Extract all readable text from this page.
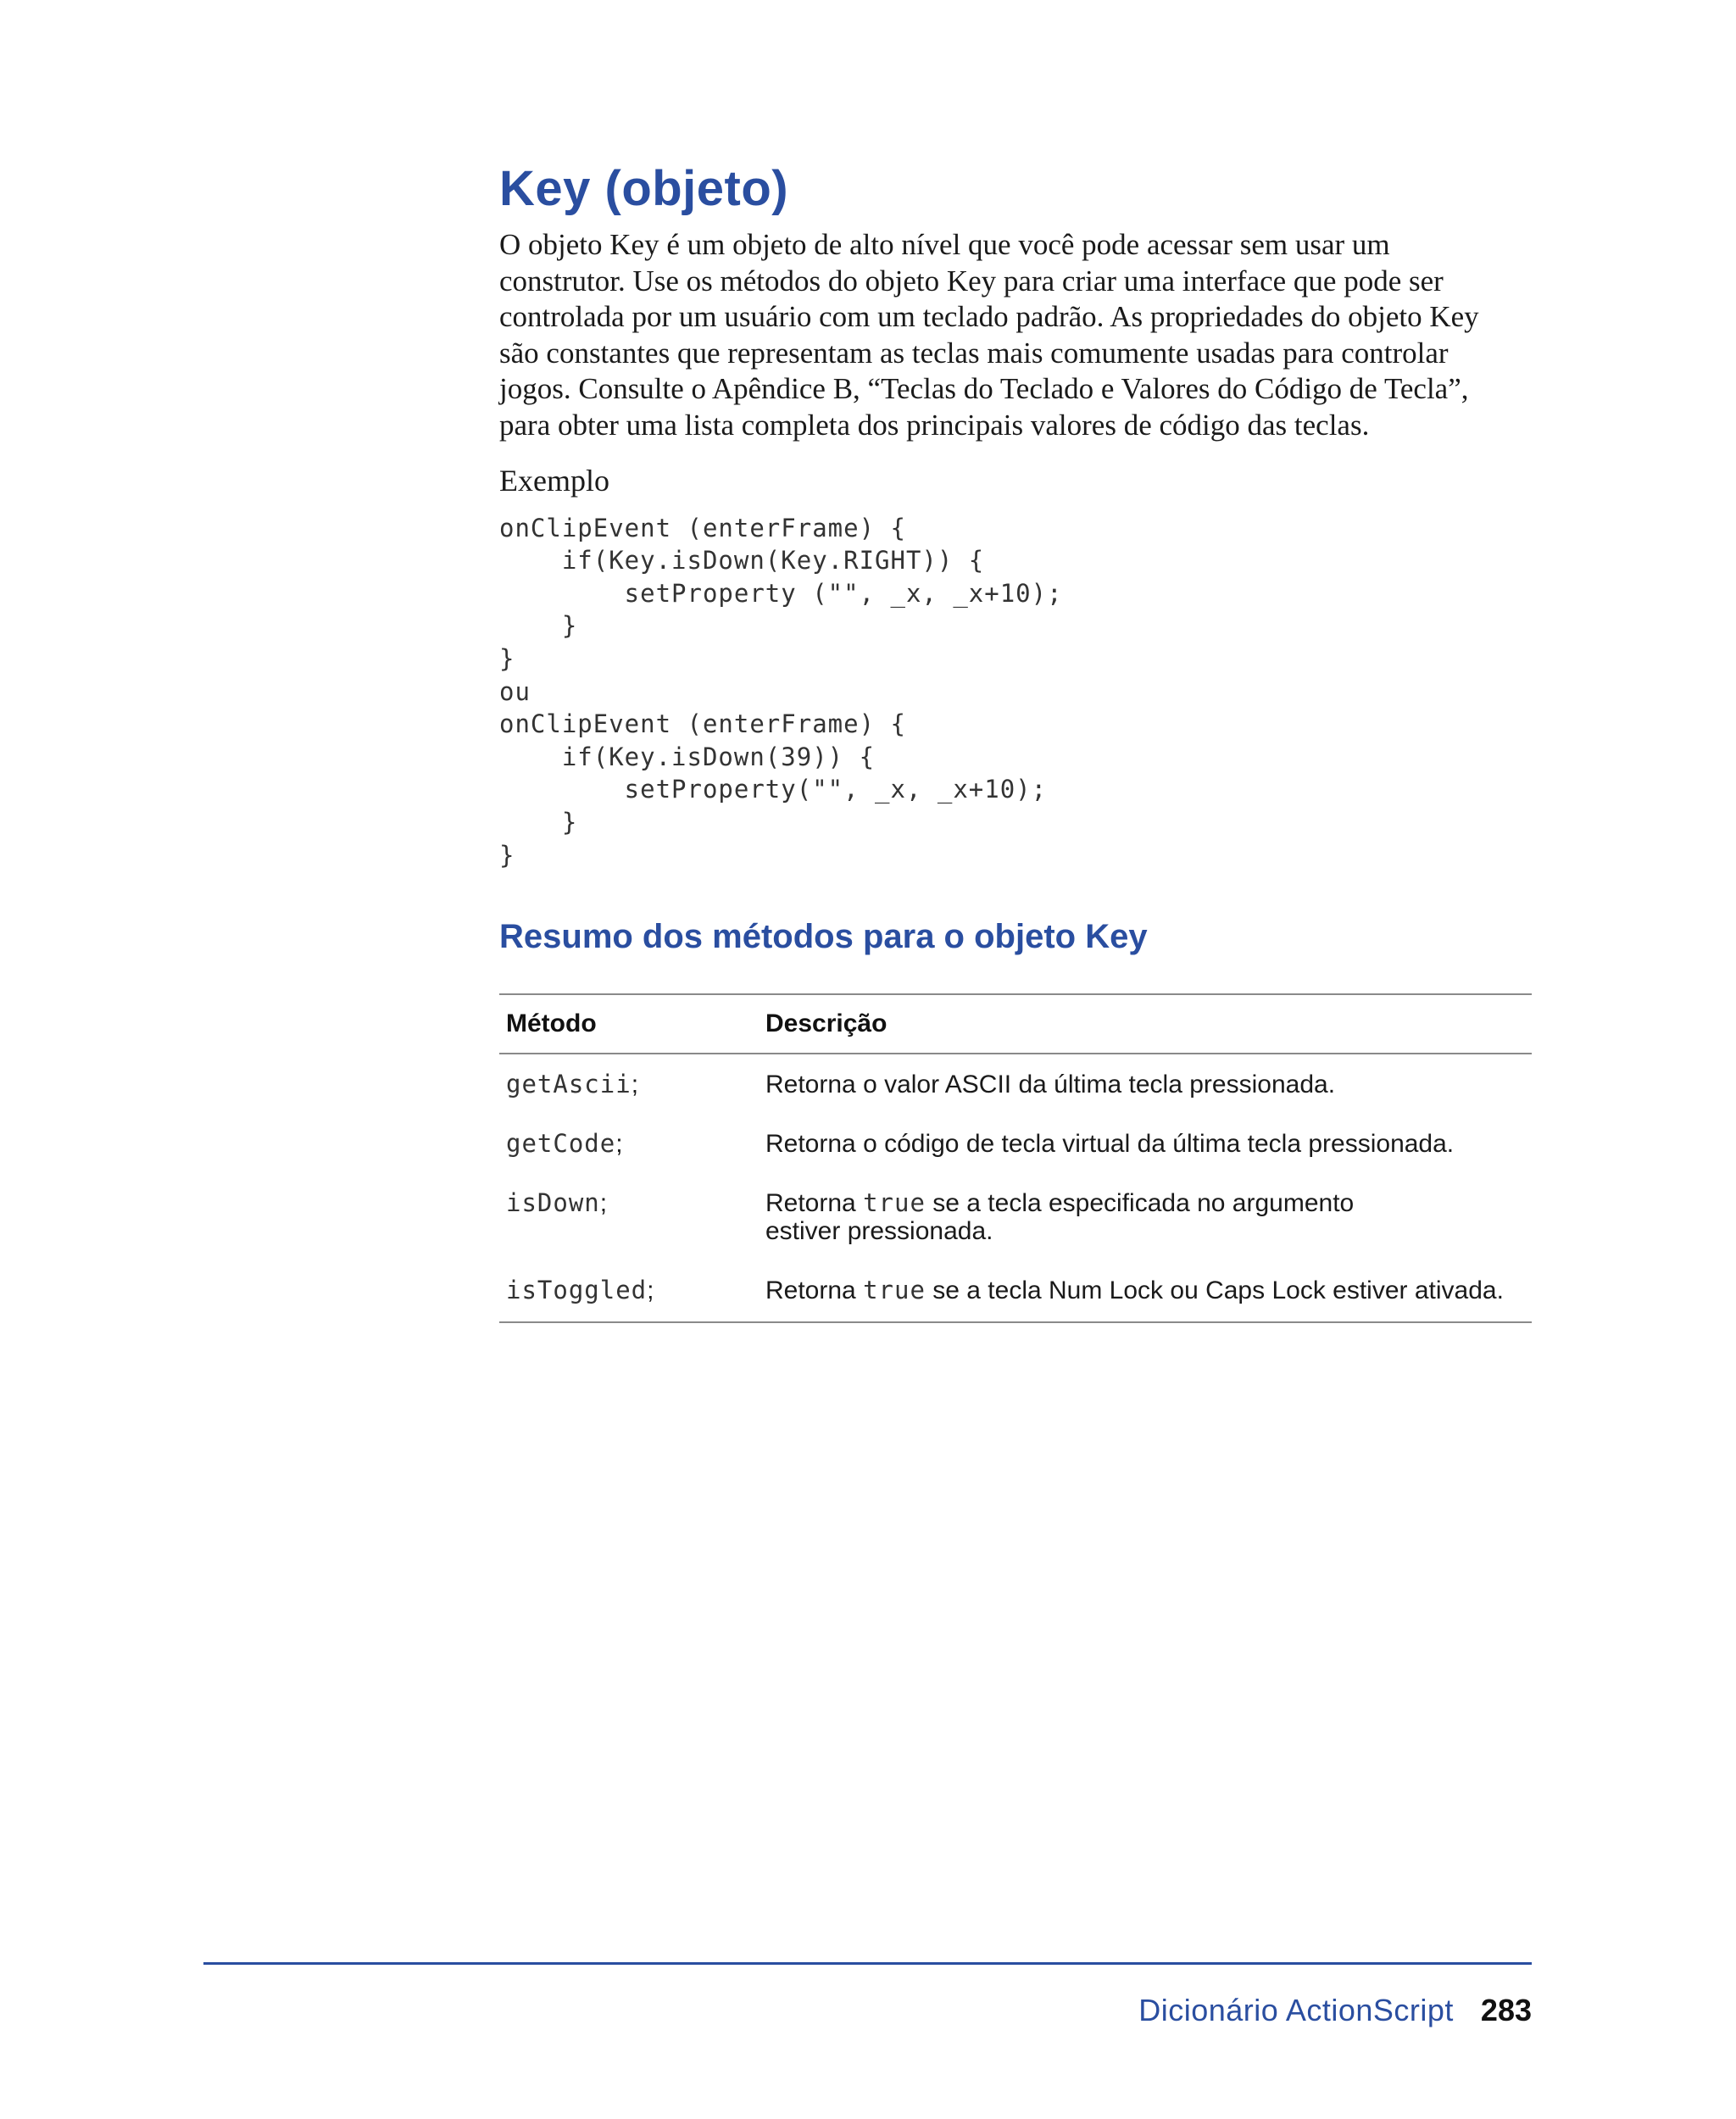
Key (objeto)

O objeto Key é um objeto de alto nível que você pode acessar sem usar um construtor. Use os métodos do objeto Key para criar uma interface que pode ser controlada por um usuário com um teclado padrão. As propriedades do objeto Key são constantes que representam as teclas mais comumente usadas para controlar jogos. Consulte o Apêndice B, “Teclas do Teclado e Valores do Código de Tecla”, para obter uma lista completa dos principais valores de código das teclas.

Exemplo

onClipEvent (enterFrame) {
if(Key.isDown(Key.RIGHT)) {
setProperty ("", _x, _x+10);
}
}
ou
onClipEvent (enterFrame) {
if(Key.isDown(39)) {
setProperty("", _x, _x+10);
}
}
Resumo dos métodos para o objeto Key
Método	Descrição
getAscii;	Retorna o valor ASCII da última tecla pressionada.
getCode;	Retorna o código de tecla virtual da última tecla pressionada.
isDown;	Retorna true se a tecla especificada no argumento estiver pressionada.
isToggled;	Retorna true se a tecla Num Lock ou Caps Lock estiver ativada.
Dicionário ActionScript 283
